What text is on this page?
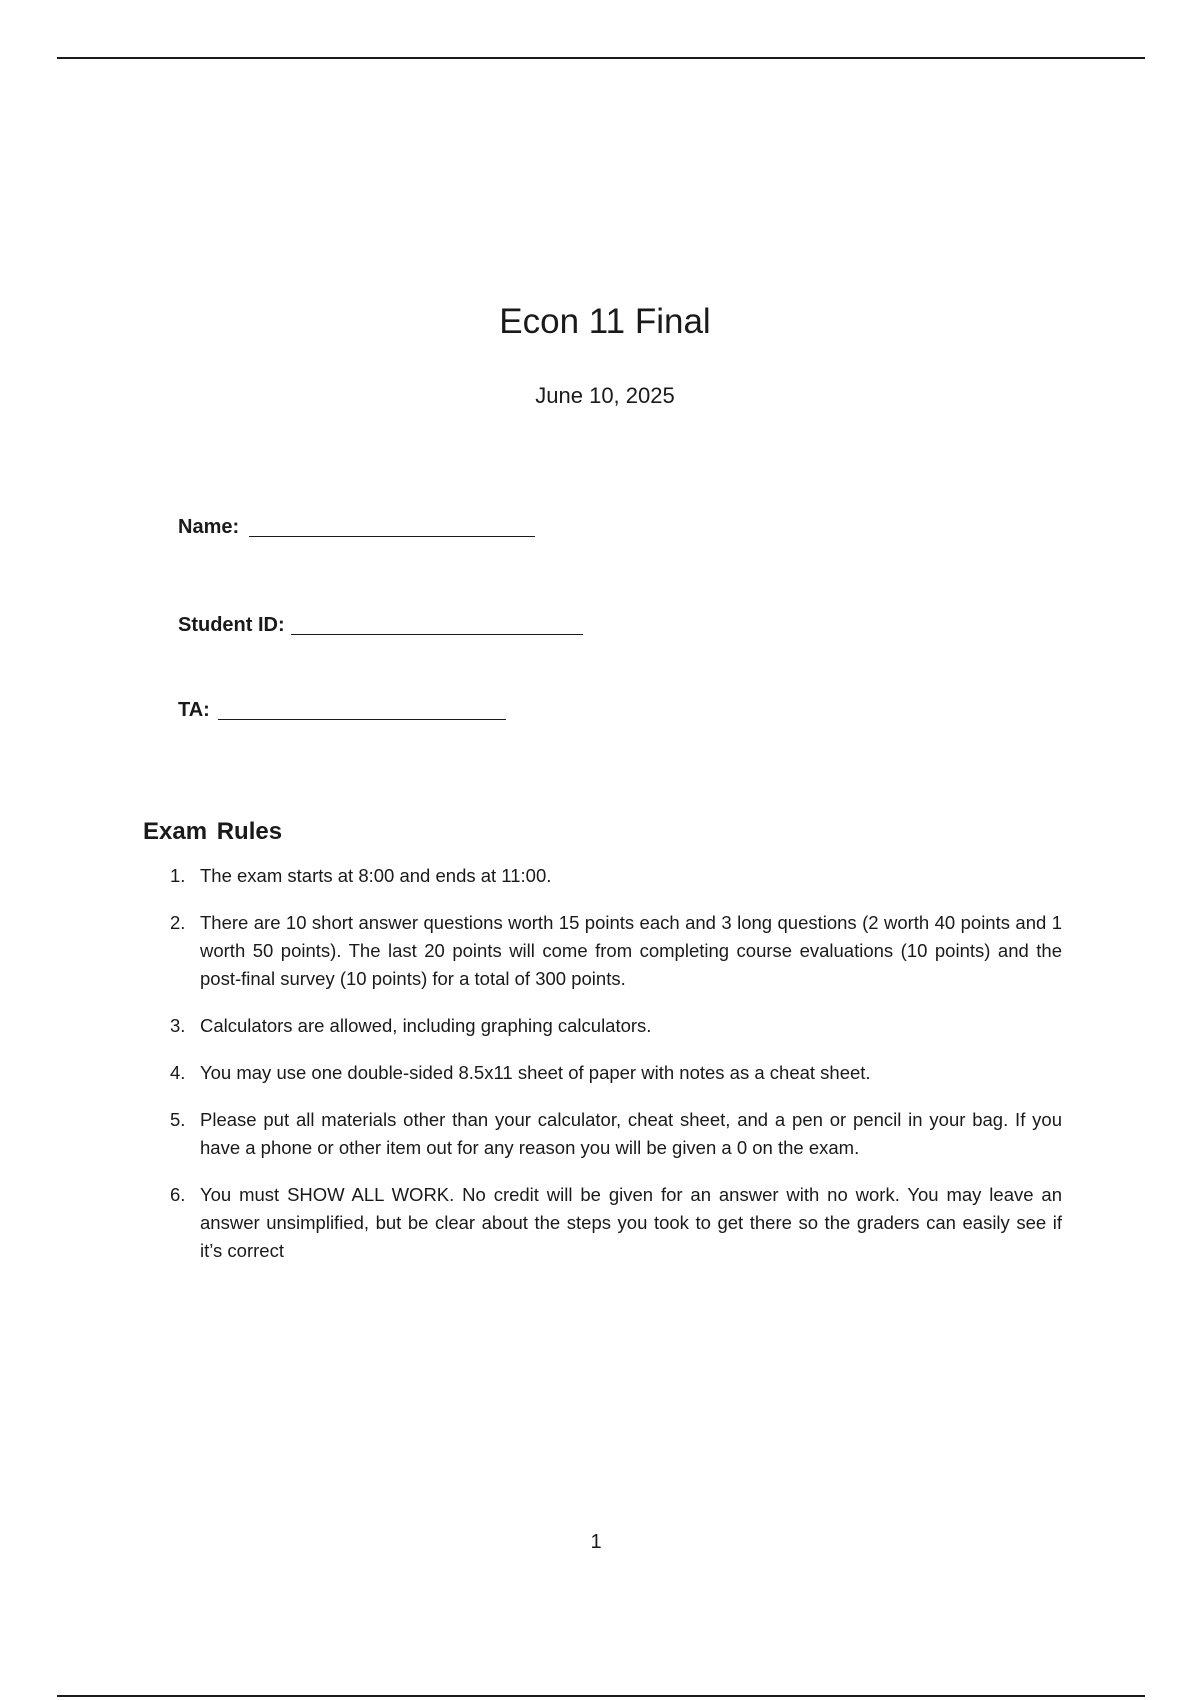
Econ 11 Final
June 10, 2025
Name:
Student ID:
TA:
Exam Rules
1. The exam starts at 8:00 and ends at 11:00.
2. There are 10 short answer questions worth 15 points each and 3 long questions (2 worth 40 points and 1 worth 50 points). The last 20 points will come from completing course evaluations (10 points) and the post-final survey (10 points) for a total of 300 points.
3. Calculators are allowed, including graphing calculators.
4. You may use one double-sided 8.5x11 sheet of paper with notes as a cheat sheet.
5. Please put all materials other than your calculator, cheat sheet, and a pen or pencil in your bag. If you have a phone or other item out for any reason you will be given a 0 on the exam.
6. You must SHOW ALL WORK. No credit will be given for an answer with no work. You may leave an answer unsimplified, but be clear about the steps you took to get there so the graders can easily see if it’s correct
1
